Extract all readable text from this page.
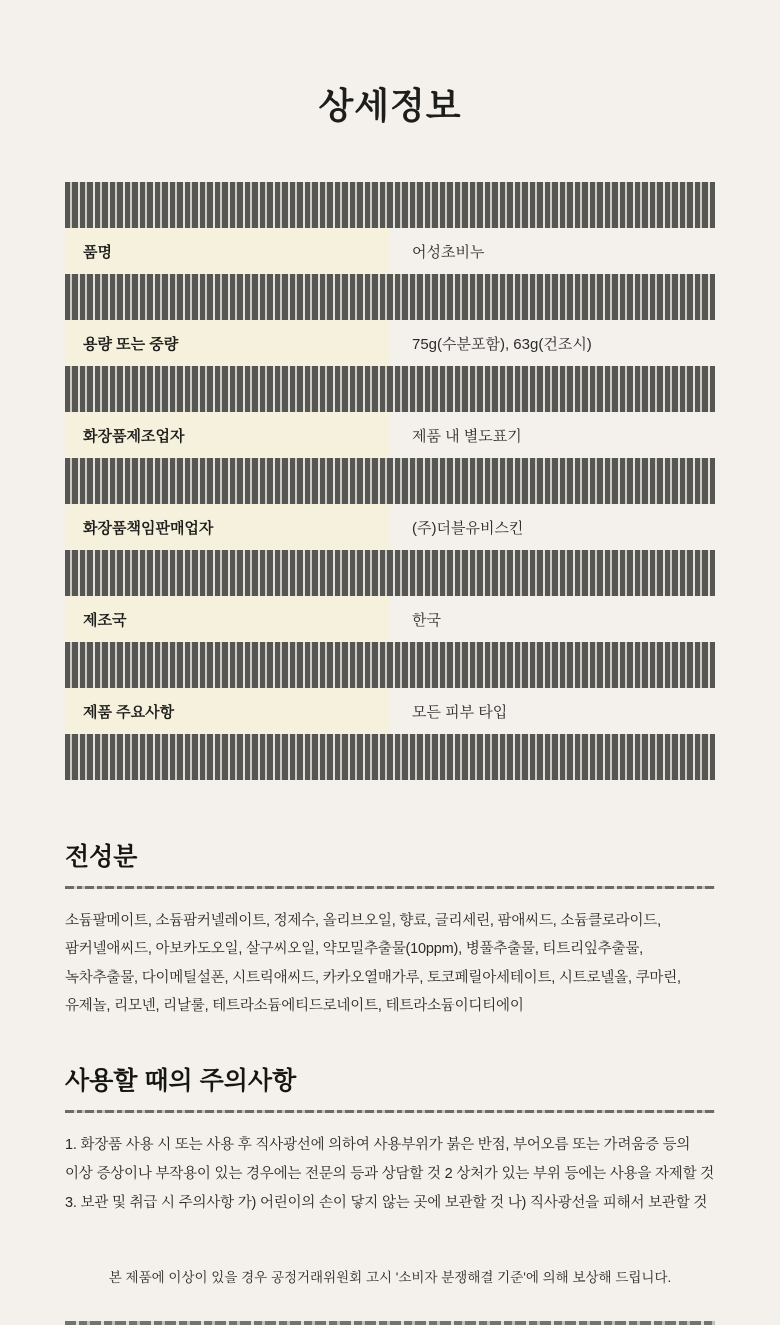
상세정보

품명	어성초비누

용량 또는 중량	75g(수분포함), 63g(건조시)

화장품제조업자	제품 내 별도표기

화장품책임판매업자	(주)더블유비스킨

제조국	한국

제품 주요사항	모든 피부 타입

전성분
소듐팔메이트, 소듐팜커넬레이트, 정제수, 올리브오일, 향료, 글리세린, 팜애씨드, 소듐클로라이드, 팜커넬애씨드, 아보카도오일, 살구씨오일, 약모밀추출물(10ppm), 병풀추출물, 티트리잎추출물, 녹차추출물, 다이메틸설폰, 시트릭애씨드, 카카오열매가루, 토코페릴아세테이트, 시트로넬올, 쿠마린, 유제놀, 리모넨, 리날룰, 테트라소듐에티드로네이트, 테트라소듐이디티에이
사용할 때의 주의사항
1. 화장품 사용 시 또는 사용 후 직사광선에 의하여 사용부위가 붉은 반점, 부어오름 또는 가려움증 등의 이상 증상이나 부작용이 있는 경우에는 전문의 등과 상담할 것 2 상처가 있는 부위 등에는 사용을 자제할 것 3. 보관 및 취급 시 주의사항 가) 어린이의 손이 닿지 않는 곳에 보관할 것 나) 직사광선을 피해서 보관할 것
본 제품에 이상이 있을 경우 공정거래위원회 고시 '소비자 분쟁해결 기준'에 의해 보상해 드립니다.
